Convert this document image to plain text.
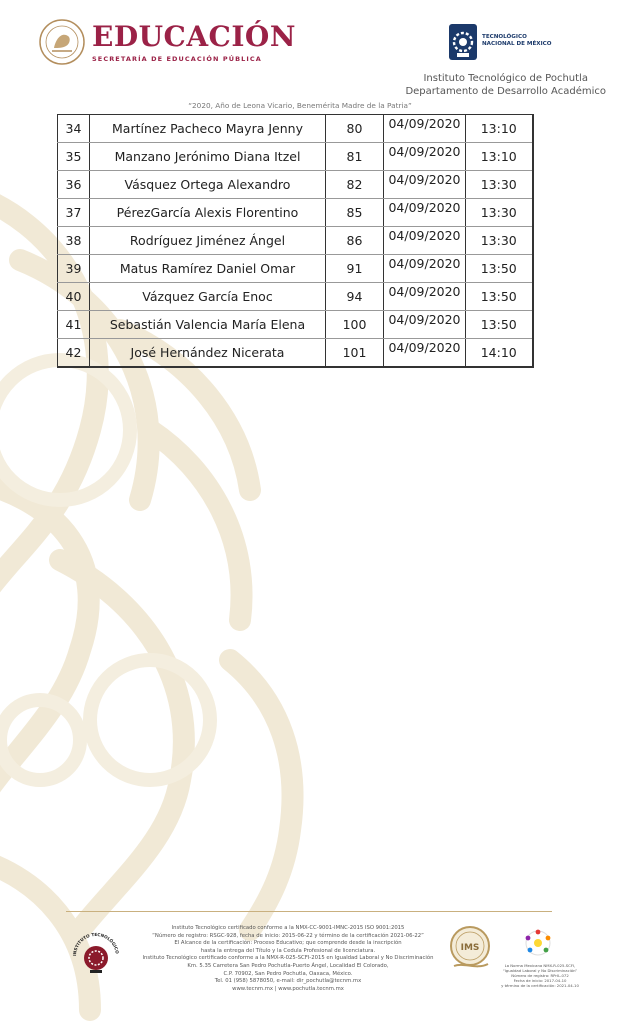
EDUCACIÓN
SECRETARÍA DE EDUCACIÓN PÚBLICA
TECNOLÓGICO
NACIONAL DE MÉXICO
Instituto Tecnológico de Pochutla
Departamento de Desarrollo Académico
“2020, Año de Leona Vicario, Benemérita Madre de la Patria”
34	Martínez Pacheco Mayra Jenny	80	04/09/2020	13:10
35	Manzano Jerónimo Diana Itzel	81	04/09/2020	13:10
36	Vásquez Ortega Alexandro	82	04/09/2020	13:30
37	PérezGarcía Alexis Florentino	85	04/09/2020	13:30
38	Rodríguez Jiménez Ángel	86	04/09/2020	13:30
39	Matus Ramírez Daniel Omar	91	04/09/2020	13:50
40	Vázquez García Enoc	94	04/09/2020	13:50
41	Sebastián Valencia María Elena	100	04/09/2020	13:50
42	José Hernández Nicerata	101	04/09/2020	14:10
INSTITUTO TECNOLÓGICO

Instituto Tecnológico certificado conforme a la NMX-CC-9001-IMNC-2015 ISO 9001:2015

“Número de registro: RSGC-928, fecha de inicio: 2015-06-22 y término de la certificación 2021-06-22”

El Alcance de la certificación: Proceso Educativo; que comprende desde la inscripción

hasta la entrega del Título y la Cedula Profesional de licenciatura.

Instituto Tecnológico certificado conforme a la NMX-R-025-SCFI-2015 en Igualdad Laboral y No Discriminación

Km. 5.35 Carretera San Pedro Pochutla-Puerto Ángel, Localidad El Colorado,

C.P. 70902, San Pedro Pochutla, Oaxaca, México.

Tel. 01 (958) 5878050, e-mail: dir_pochutla@tecnm.mx

www.tecnm.mx | www.pochutla.tecnm.mx

IMS

La Norma Mexicana NMX-R-025-SCFI,

“Igualdad Laboral y No Discriminación”

Número de registro: RPrIL-072

Fecha de inicio: 2017-04-10

y término de la certificación: 2021-04-10
